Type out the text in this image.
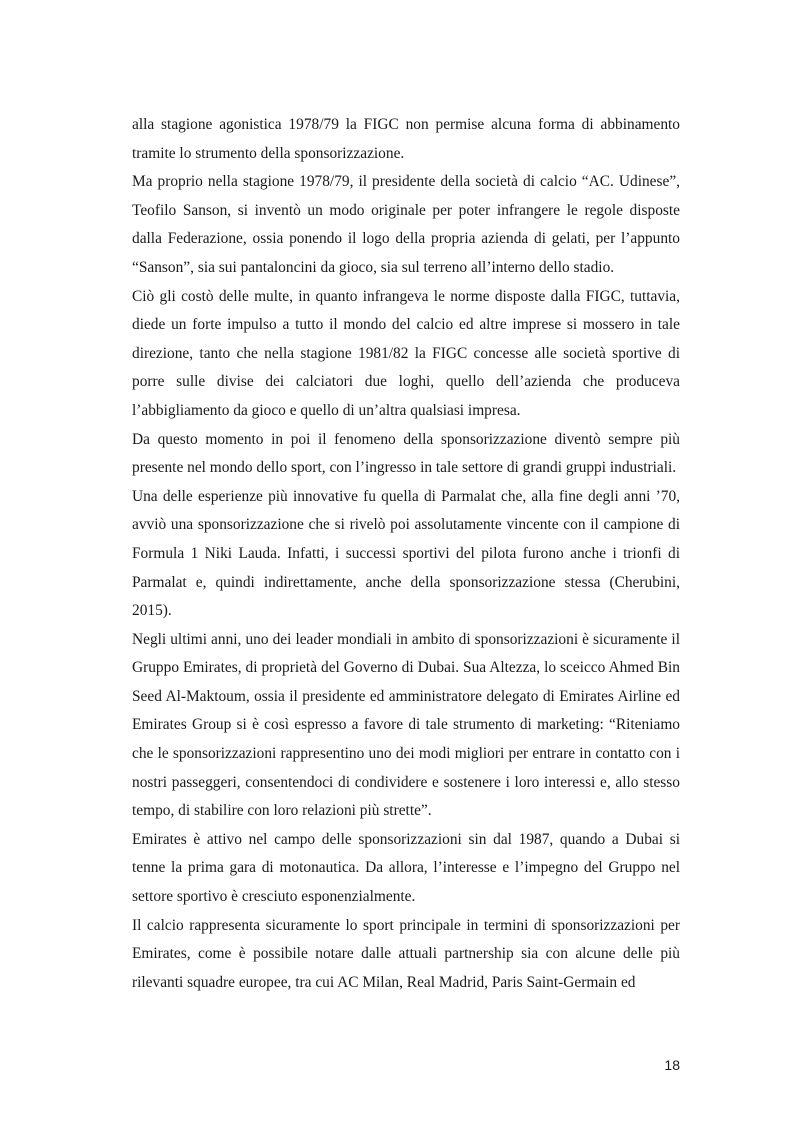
alla stagione agonistica 1978/79 la FIGC non permise alcuna forma di abbinamento tramite lo strumento della sponsorizzazione.

Ma proprio nella stagione 1978/79, il presidente della società di calcio “AC. Udinese”, Teofilo Sanson, si inventò un modo originale per poter infrangere le regole disposte dalla Federazione, ossia ponendo il logo della propria azienda di gelati, per l’appunto “Sanson”, sia sui pantaloncini da gioco, sia sul terreno all’interno dello stadio.

Ciò gli costò delle multe, in quanto infrangeva le norme disposte dalla FIGC, tuttavia, diede un forte impulso a tutto il mondo del calcio ed altre imprese si mossero in tale direzione, tanto che nella stagione 1981/82 la FIGC concesse alle società sportive di porre sulle divise dei calciatori due loghi, quello dell’azienda che produceva l’abbigliamento da gioco e quello di un’altra qualsiasi impresa.

Da questo momento in poi il fenomeno della sponsorizzazione diventò sempre più presente nel mondo dello sport, con l’ingresso in tale settore di grandi gruppi industriali.

Una delle esperienze più innovative fu quella di Parmalat che, alla fine degli anni ’70, avviò una sponsorizzazione che si rivelò poi assolutamente vincente con il campione di Formula 1 Niki Lauda. Infatti, i successi sportivi del pilota furono anche i trionfi di Parmalat e, quindi indirettamente, anche della sponsorizzazione stessa (Cherubini, 2015).

Negli ultimi anni, uno dei leader mondiali in ambito di sponsorizzazioni è sicuramente il Gruppo Emirates, di proprietà del Governo di Dubai. Sua Altezza, lo sceicco Ahmed Bin Seed Al-Maktoum, ossia il presidente ed amministratore delegato di Emirates Airline ed Emirates Group si è così espresso a favore di tale strumento di marketing: “Riteniamo che le sponsorizzazioni rappresentino uno dei modi migliori per entrare in contatto con i nostri passeggeri, consentendoci di condividere e sostenere i loro interessi e, allo stesso tempo, di stabilire con loro relazioni più strette”.

Emirates è attivo nel campo delle sponsorizzazioni sin dal 1987, quando a Dubai si tenne la prima gara di motonautica. Da allora, l’interesse e l’impegno del Gruppo nel settore sportivo è cresciuto esponenzialmente.

Il calcio rappresenta sicuramente lo sport principale in termini di sponsorizzazioni per Emirates, come è possibile notare dalle attuali partnership sia con alcune delle più rilevanti squadre europee, tra cui AC Milan, Real Madrid, Paris Saint-Germain ed

18
